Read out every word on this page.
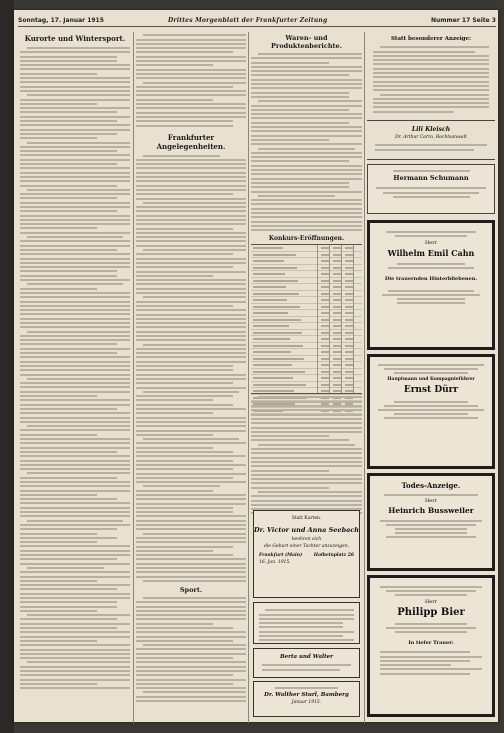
Sonntag, 17. Januar 1915	Drittes Morgenblatt der Frankfurter Zeitung	Nummer 17 Seite 3
Kurorte und Wintersport.
Frankfurter Angelegenheiten.
Sport.
Waren- und Produktenberichte.
Konkurs-Eröffnungen.
Statt Karten.
Dr. Victor und Anna Seebach
beehren sich
die Geburt einer Tochter anzuzeigen.
Frankfurt (Main)	Holbeinplatz 26
16. Jan. 1915.
Berta und Walter
Dr. Walther Sturl, Bamberg
Januar 1915.
Statt besonderer Anzeige:
Lili Kleisch
Dr. Arthur Carro, Rechtsanwalt
Hermann Schumann
Herr
Wilhelm Emil Cahn
Die trauernden Hinterbliebenen.
Hauptmann und Kompagnieführer
Ernst Dürr
Todes-Anzeige.
Herr
Heinrich Bussweiler
Herr
Philipp Bier
In tiefer Trauer:
